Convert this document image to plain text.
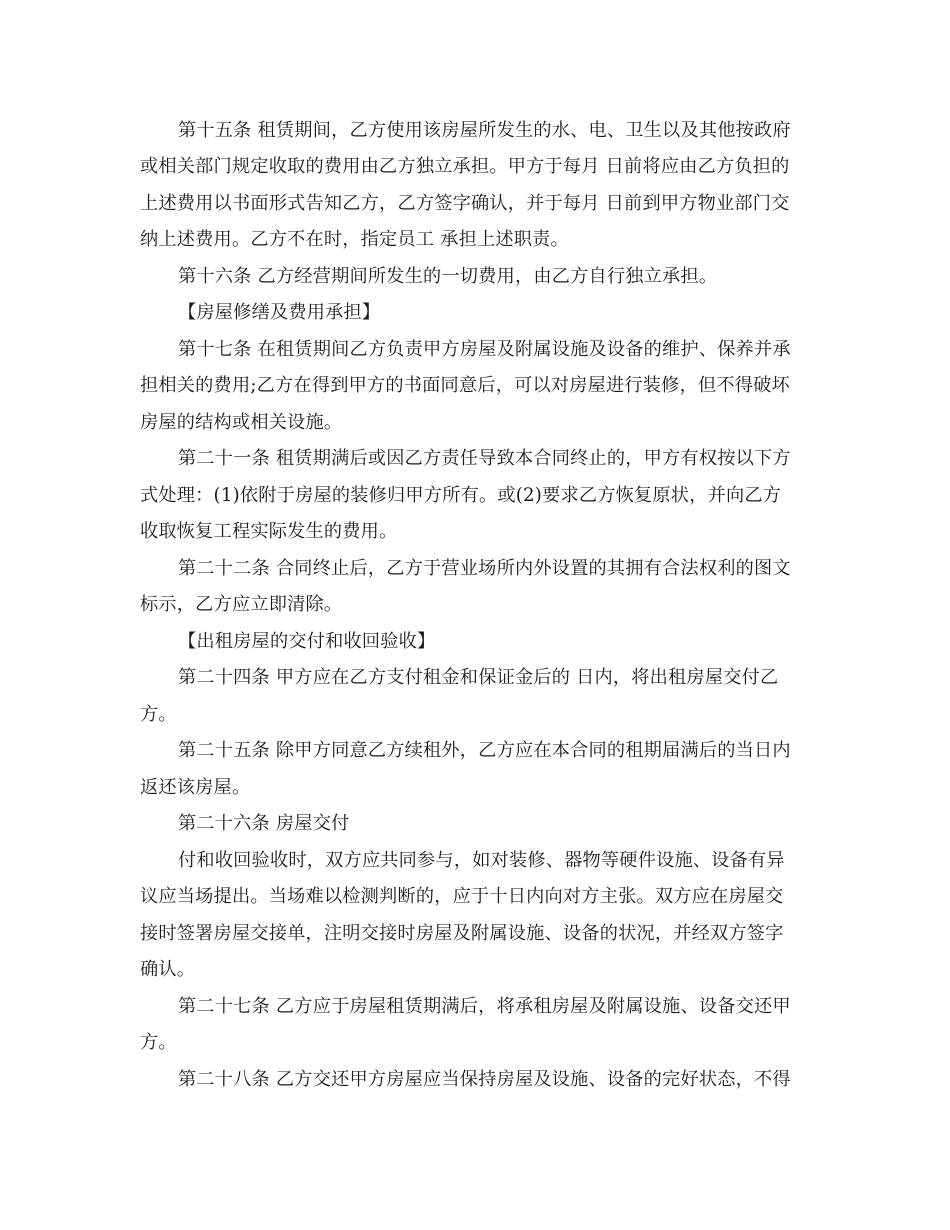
第十五条 租赁期间，乙方使用该房屋所发生的水、电、卫生以及其他按政府
或相关部门规定收取的费用由乙方独立承担。甲方于每月 日前将应由乙方负担的
上述费用以书面形式告知乙方，乙方签字确认，并于每月 日前到甲方物业部门交
纳上述费用。乙方不在时，指定员工 承担上述职责。
第十六条 乙方经营期间所发生的一切费用，由乙方自行独立承担。
【房屋修缮及费用承担】
第十七条 在租赁期间乙方负责甲方房屋及附属设施及设备的维护、保养并承
担相关的费用;乙方在得到甲方的书面同意后，可以对房屋进行装修，但不得破坏
房屋的结构或相关设施。
第二十一条 租赁期满后或因乙方责任导致本合同终止的，甲方有权按以下方
式处理：(1)依附于房屋的装修归甲方所有。或(2)要求乙方恢复原状，并向乙方
收取恢复工程实际发生的费用。
第二十二条 合同终止后，乙方于营业场所内外设置的其拥有合法权利的图文
标示，乙方应立即清除。
【出租房屋的交付和收回验收】
第二十四条 甲方应在乙方支付租金和保证金后的 日内，将出租房屋交付乙
方。
第二十五条 除甲方同意乙方续租外，乙方应在本合同的租期届满后的当日内
返还该房屋。
第二十六条 房屋交付
付和收回验收时，双方应共同参与，如对装修、器物等硬件设施、设备有异
议应当场提出。当场难以检测判断的，应于十日内向对方主张。双方应在房屋交
接时签署房屋交接单，注明交接时房屋及附属设施、设备的状况，并经双方签字
确认。
第二十七条 乙方应于房屋租赁期满后，将承租房屋及附属设施、设备交还甲
方。
第二十八条 乙方交还甲方房屋应当保持房屋及设施、设备的完好状态，不得
